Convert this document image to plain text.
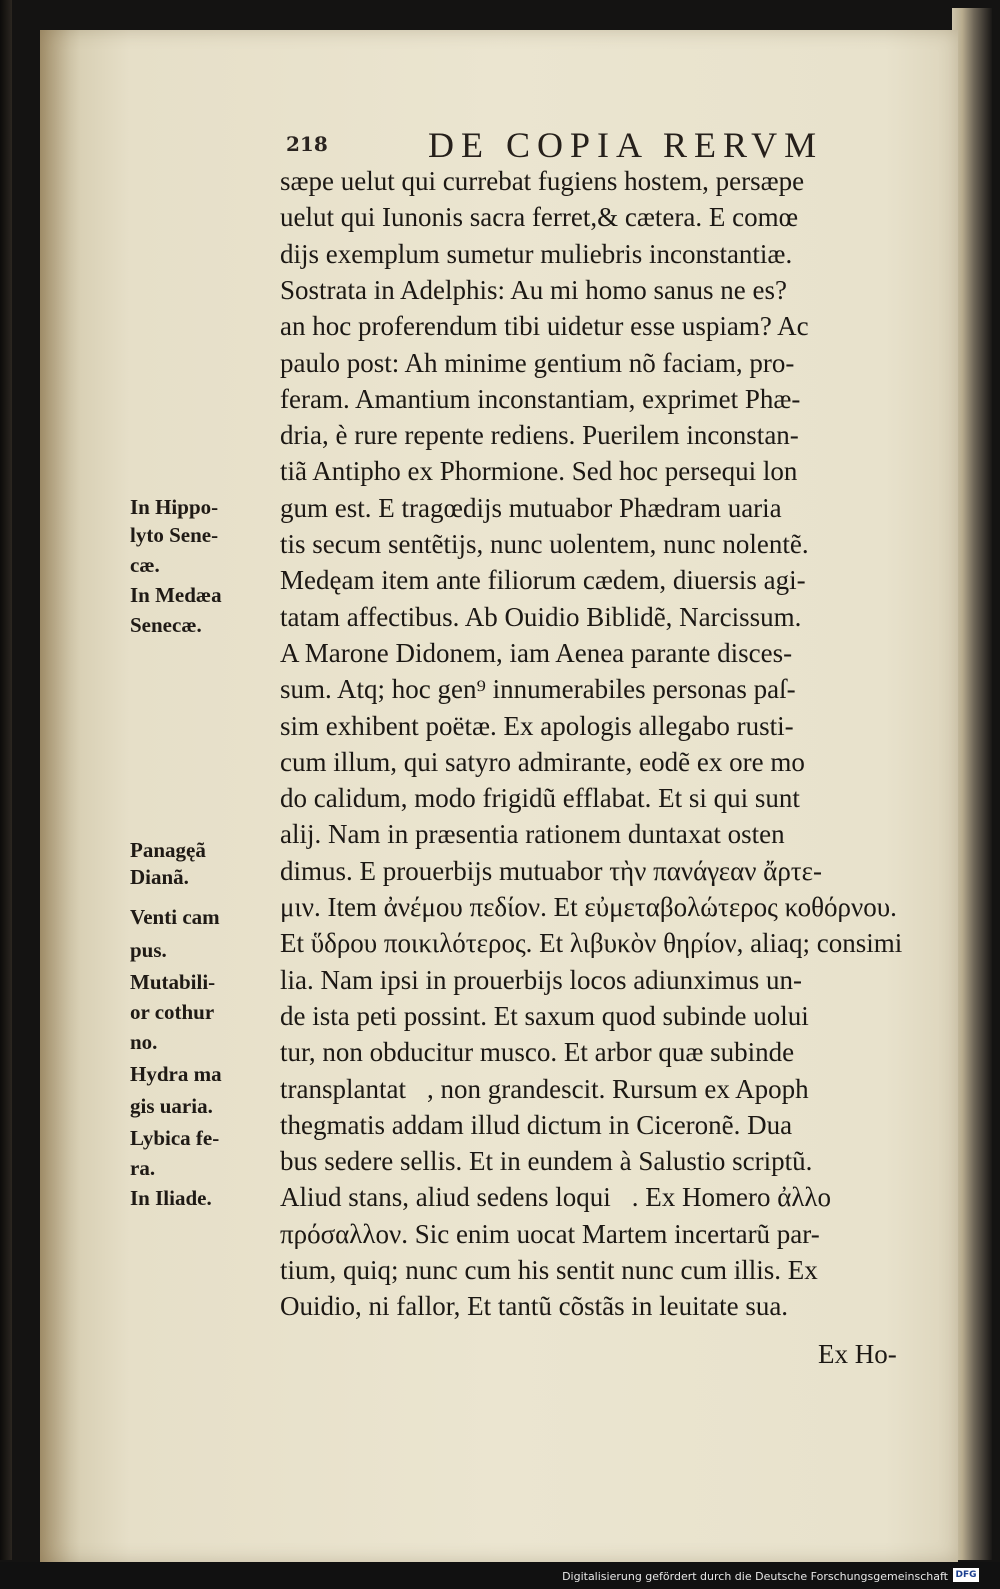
218	DE COPIA RERVM
sæpe uelut qui currebat fugiens hostem, persæpe
uelut qui Iunonis sacra ferret,& cætera. E comœ
dijs exemplum sumetur muliebris inconstantiæ.
Sostrata in Adelphis: Au mi homo sanus ne es?
an hoc proferendum tibi uidetur esse uspiam? Ac
paulo post: Ah minime gentium nõ faciam, pro-
feram. Amantium inconstantiam, exprimet Phæ-
dria, è rure repente rediens. Puerilem inconstan-
tiã Antipho ex Phormione. Sed hoc persequi lon
gum est. E tragœdijs mutuabor Phædram uaria
tis secum sentẽtijs, nunc uolentem, nunc nolentẽ.
Medęam item ante filiorum cædem, diuersis agi-
tatam affectibus. Ab Ouidio Biblidẽ, Narcissum.
A Marone Didonem, iam Aenea parante disces-
sum. Atq; hoc gen⁹ innumerabiles personas paſ-
sim exhibent poëtæ. Ex apologis allegabo rusti-
cum illum, qui satyro admirante, eodẽ ex ore mo
do calidum, modo frigidũ efflabat. Et si qui sunt
alij. Nam in præsentia rationem duntaxat osten
dimus. E prouerbijs mutuabor τὴν πανάγεαν ἄρτε-
μιν. Item ἀνέμου πεδίον. Et εὐμεταβολώτερος κοθόρνου.
Et ὕδρου ποικιλότερος. Et λιβυκὸν θηρίον, aliaq; consimi
lia. Nam ipsi in prouerbijs locos adiunximus un-
de ista peti possint. Et saxum quod subinde uolui
tur, non obducitur musco. Et arbor quæ subinde
transplantatᷣ, non grandescit. Rursum ex Apoph
thegmatis addam illud dictum in Ciceronẽ. Dua
bus sedere sellis. Et in eundem à Salustio scriptũ.
Aliud stans, aliud sedens loquiᷣ. Ex Homero ἀλλο
πρόσαλλον. Sic enim uocat Martem incertarũ par-
tium, quiq; nunc cum his sentit nunc cum illis. Ex
Ouidio, ni fallor, Et tantũ cõstãs in leuitate sua.
In Hippo-
lyto Sene-
cæ.
In Medæa
Senecæ.
Panagęã
Dianã.
Venti cam
pus.
Mutabili-
or cothur
no.
Hydra ma
gis uaria.
Lybica fe-
ra.
In Iliade.
Ex Ho-
Digitalisierung gefördert durch die Deutsche Forschungsgemeinschaft DFG
